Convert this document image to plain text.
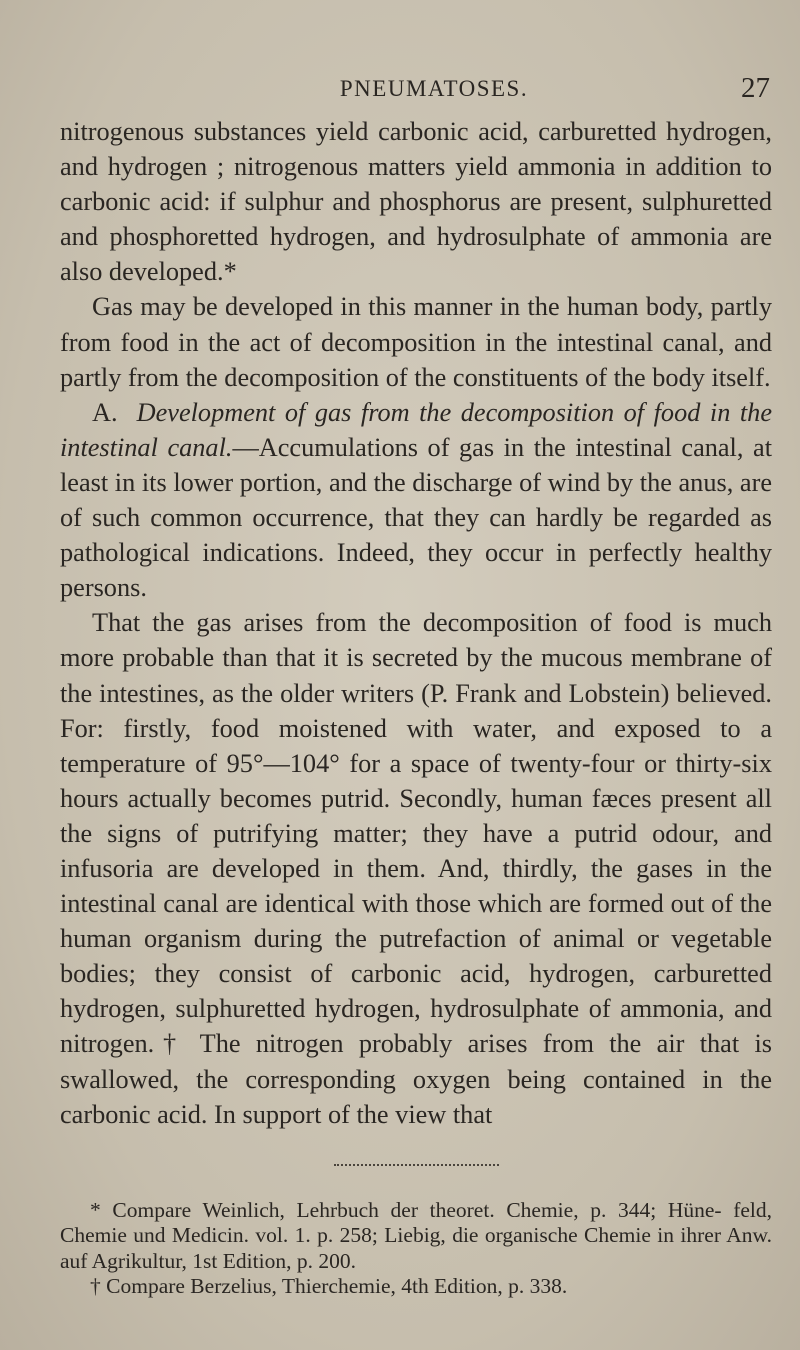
PNEUMATOSES.	27

nitrogenous substances yield carbonic acid, carburetted hydrogen, and hydrogen ; nitrogenous matters yield ammonia in addition to carbonic acid: if sulphur and phosphorus are present, sulphuretted and phosphoretted hydrogen, and hydrosulphate of ammonia are also developed.*

Gas may be developed in this manner in the human body, partly from food in the act of decomposition in the intestinal canal, and partly from the decomposition of the constituents of the body itself.

A. Development of gas from the decomposition of food in the intestinal canal.—Accumulations of gas in the intestinal canal, at least in its lower portion, and the discharge of wind by the anus, are of such common occurrence, that they can hardly be regarded as pathological indications. Indeed, they occur in perfectly healthy persons.

That the gas arises from the decomposition of food is much more probable than that it is secreted by the mucous membrane of the intestines, as the older writers (P. Frank and Lobstein) believed. For: firstly, food moistened with water, and exposed to a temperature of 95°—104° for a space of twenty-four or thirty-six hours actually becomes putrid. Secondly, human fæces present all the signs of putrifying matter; they have a putrid odour, and infusoria are developed in them. And, thirdly, the gases in the intestinal canal are identical with those which are formed out of the human organism during the putrefaction of animal or vegetable bodies; they consist of carbonic acid, hydrogen, carburetted hydrogen, sulphuretted hydrogen, hydrosulphate of ammonia, and nitrogen.† The nitrogen probably arises from the air that is swallowed, the corresponding oxygen being contained in the carbonic acid. In support of the view that

* Compare Weinlich, Lehrbuch der theoret. Chemie, p. 344; Hüne- feld, Chemie und Medicin. vol. 1. p. 258; Liebig, die organische Chemie in ihrer Anw. auf Agrikultur, 1st Edition, p. 200.

† Compare Berzelius, Thierchemie, 4th Edition, p. 338.
